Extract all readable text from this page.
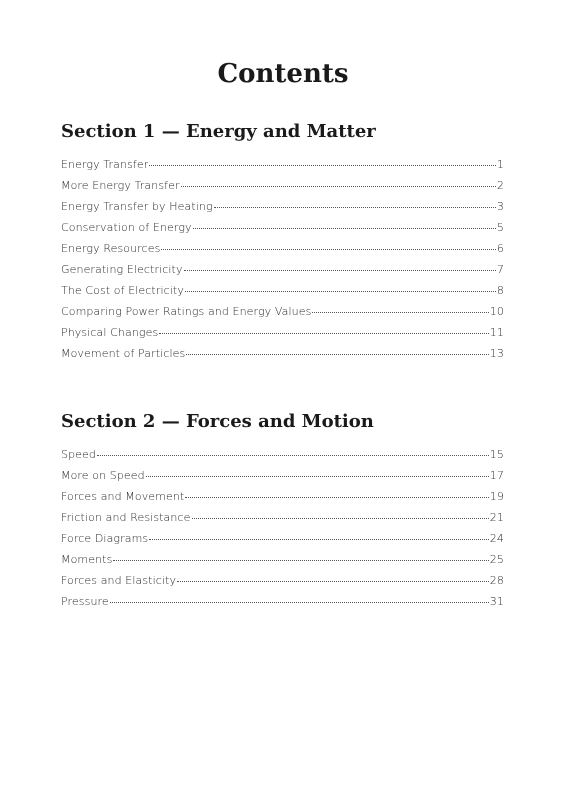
Contents
Section 1 — Energy and Matter
Energy Transfer	1
More Energy Transfer	2
Energy Transfer by Heating	3
Conservation of Energy	5
Energy Resources	6
Generating Electricity	7
The Cost of Electricity	8
Comparing Power Ratings and Energy Values	10
Physical Changes	11
Movement of Particles	13
Section 2 — Forces and Motion
Speed	15
More on Speed	17
Forces and Movement	19
Friction and Resistance	21
Force Diagrams	24
Moments	25
Forces and Elasticity	28
Pressure	31
